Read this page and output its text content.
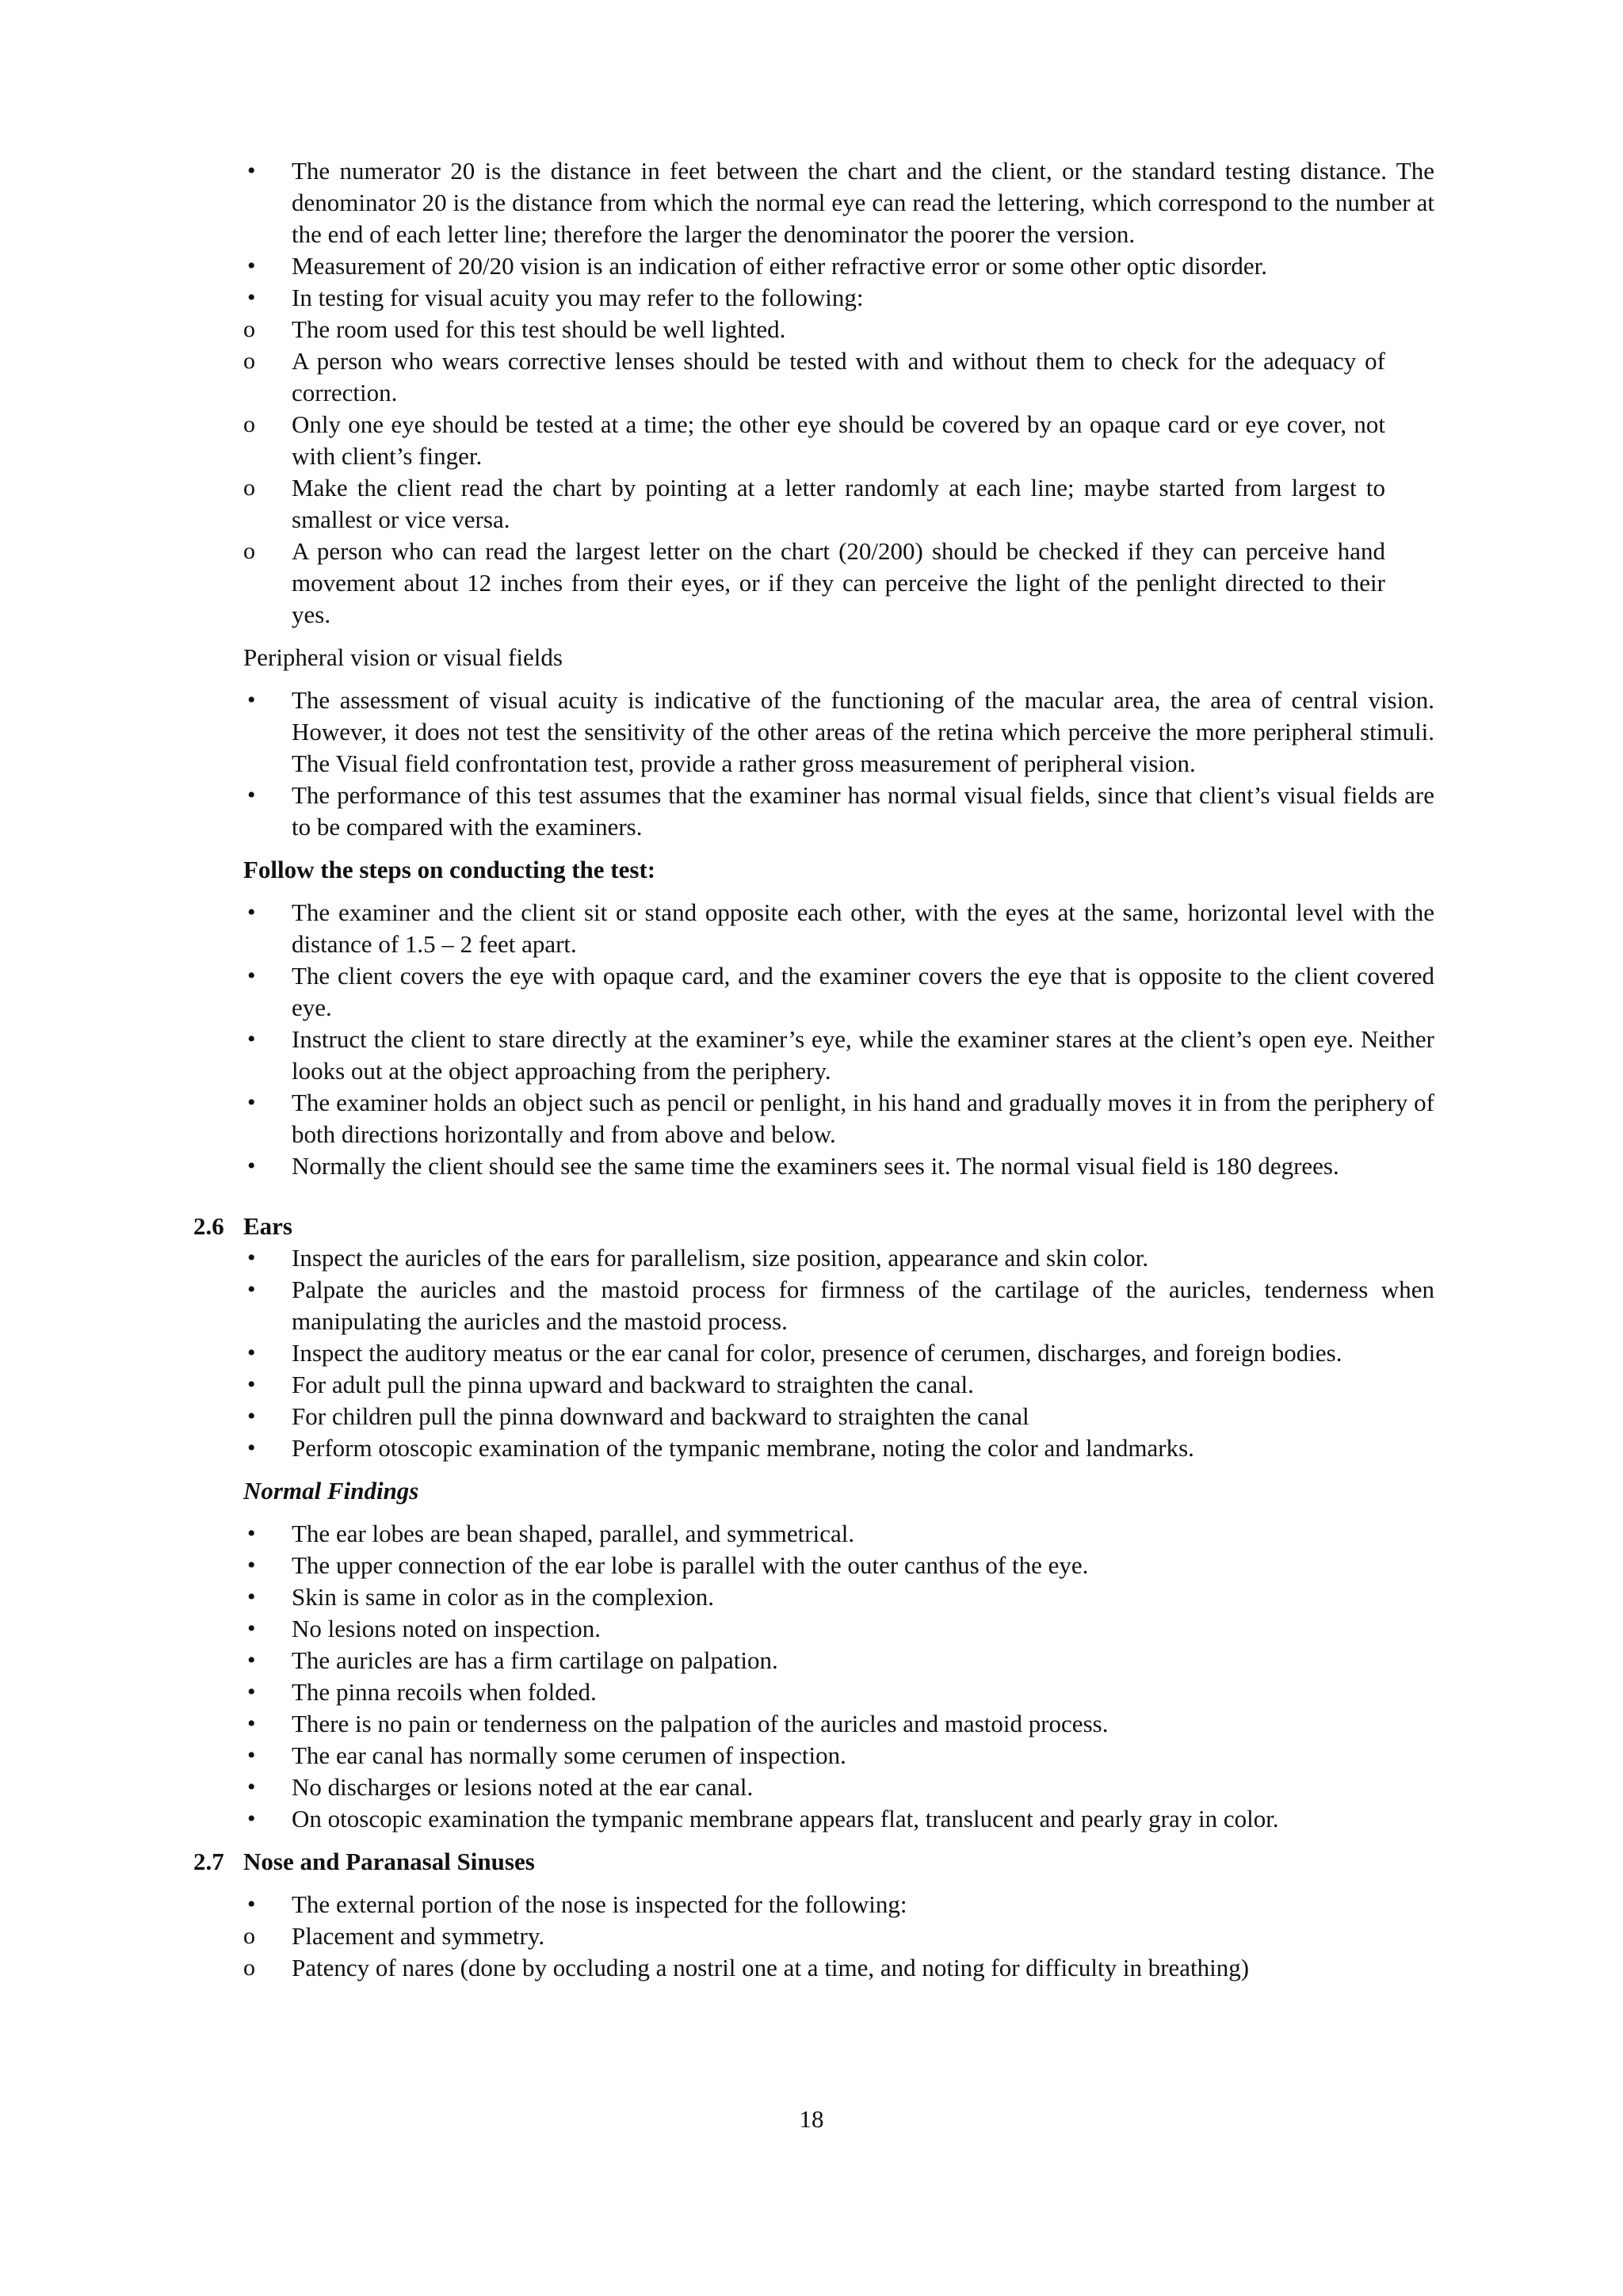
• The numerator 20 is the distance in feet between the chart and the client, or the standard testing distance. The denominator 20 is the distance from which the normal eye can read the lettering, which correspond to the number at the end of each letter line; therefore the larger the denominator the poorer the version.
• Measurement of 20/20 vision is an indication of either refractive error or some other optic disorder.
• In testing for visual acuity you may refer to the following:
o The room used for this test should be well lighted.
o A person who wears corrective lenses should be tested with and without them to check for the adequacy of correction.
o Only one eye should be tested at a time; the other eye should be covered by an opaque card or eye cover, not with client’s finger.
o Make the client read the chart by pointing at a letter randomly at each line; maybe started from largest to smallest or vice versa.
o A person who can read the largest letter on the chart (20/200) should be checked if they can perceive hand movement about 12 inches from their eyes, or if they can perceive the light of the penlight directed to their yes.
Peripheral vision or visual fields
• The assessment of visual acuity is indicative of the functioning of the macular area, the area of central vision. However, it does not test the sensitivity of the other areas of the retina which perceive the more peripheral stimuli. The Visual field confrontation test, provide a rather gross measurement of peripheral vision.
• The performance of this test assumes that the examiner has normal visual fields, since that client’s visual fields are to be compared with the examiners.
Follow the steps on conducting the test:
• The examiner and the client sit or stand opposite each other, with the eyes at the same, horizontal level with the distance of 1.5 – 2 feet apart.
• The client covers the eye with opaque card, and the examiner covers the eye that is opposite to the client covered eye.
• Instruct the client to stare directly at the examiner’s eye, while the examiner stares at the client’s open eye. Neither looks out at the object approaching from the periphery.
• The examiner holds an object such as pencil or penlight, in his hand and gradually moves it in from the periphery of both directions horizontally and from above and below.
• Normally the client should see the same time the examiners sees it. The normal visual field is 180 degrees.
2.6 Ears
• Inspect the auricles of the ears for parallelism, size position, appearance and skin color.
• Palpate the auricles and the mastoid process for firmness of the cartilage of the auricles, tenderness when manipulating the auricles and the mastoid process.
• Inspect the auditory meatus or the ear canal for color, presence of cerumen, discharges, and foreign bodies.
• For adult pull the pinna upward and backward to straighten the canal.
• For children pull the pinna downward and backward to straighten the canal
• Perform otoscopic examination of the tympanic membrane, noting the color and landmarks.
Normal Findings
• The ear lobes are bean shaped, parallel, and symmetrical.
• The upper connection of the ear lobe is parallel with the outer canthus of the eye.
• Skin is same in color as in the complexion.
• No lesions noted on inspection.
• The auricles are has a firm cartilage on palpation.
• The pinna recoils when folded.
• There is no pain or tenderness on the palpation of the auricles and mastoid process.
• The ear canal has normally some cerumen of inspection.
• No discharges or lesions noted at the ear canal.
• On otoscopic examination the tympanic membrane appears flat, translucent and pearly gray in color.
2.7 Nose and Paranasal Sinuses
• The external portion of the nose is inspected for the following:
o Placement and symmetry.
o Patency of nares (done by occluding a nostril one at a time, and noting for difficulty in breathing)
18
